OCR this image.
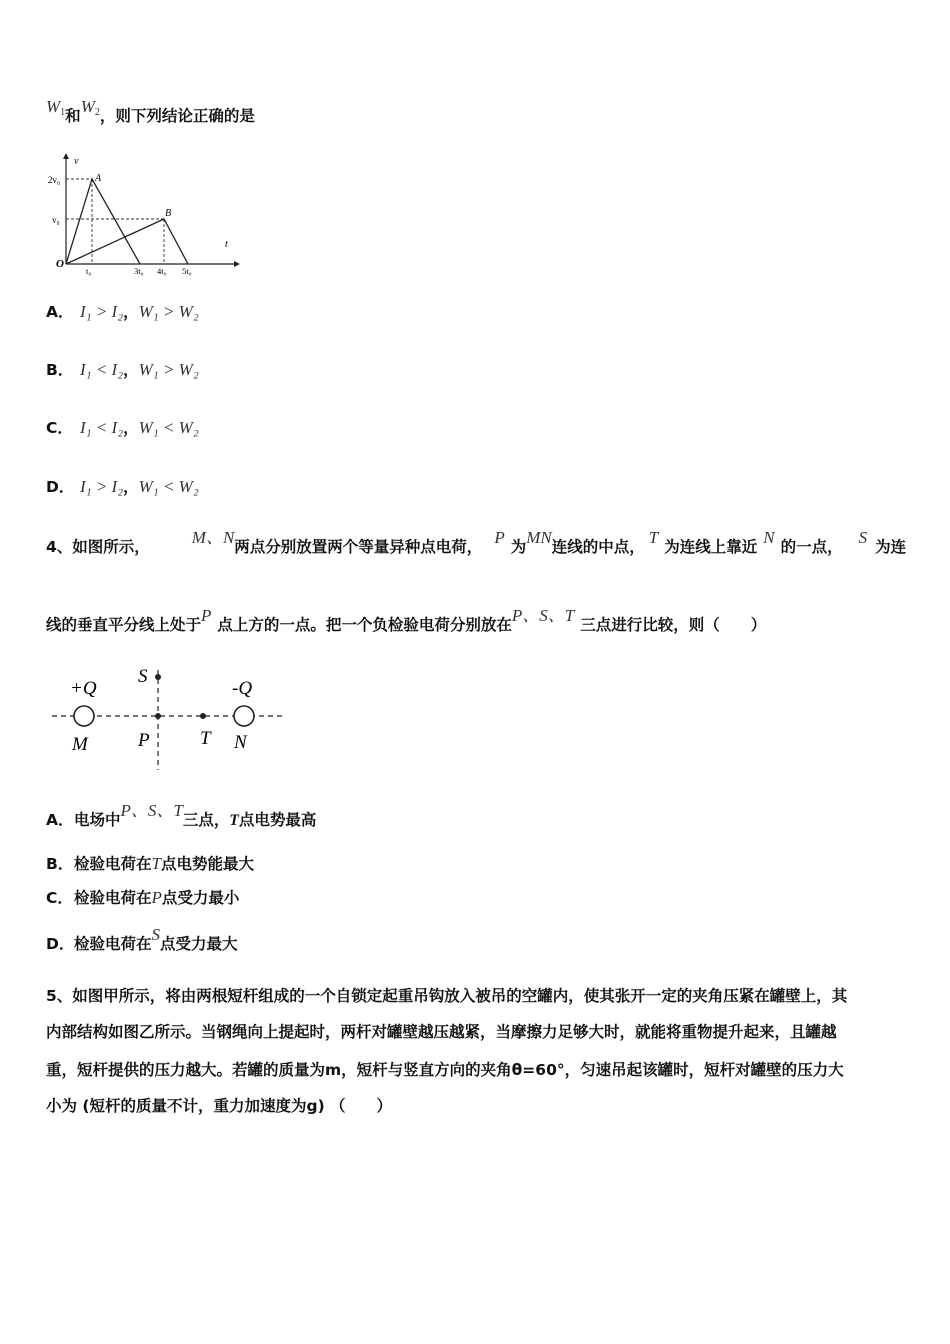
$W_1$和$W_2$，则下列结论正确的是
v
t
2v₀
v₀
O
A
B
t₀	3t₀ 4t₀ 5t₀
A． I₁ > I₂，W₁ > W₂
B． I₁ < I₂，W₁ > W₂
C． I₁ < I₂，W₁ < W₂
D． I₁ > I₂，W₁ < W₂
4、如图所示， M、N两点分别放置两个等量异种点电荷， P 为MN连线的中点， T 为连线上靠近 N 的一点， S 为连
线的垂直平分线上处于P 点上方的一点。把一个负检验电荷分别放在P、S、T 三点进行比较，则（　　）
+Q	-Q
S
M	P	T N
A．电场中P、S、T三点，T点电势最高
B．检验电荷在T点电势能最大
C．检验电荷在P点受力最小
D．检验电荷在S点受力最大
5、如图甲所示，将由两根短杆组成的一个自锁定起重吊钩放入被吊的空罐内，使其张开一定的夹角压紧在罐壁上，其
内部结构如图乙所示。当钢绳向上提起时，两杆对罐壁越压越紧，当摩擦力足够大时，就能将重物提升起来，且罐越
重，短杆提供的压力越大。若罐的质量为m，短杆与竖直方向的夹角θ=60°，匀速吊起该罐时，短杆对罐壁的压力大
小为 (短杆的质量不计，重力加速度为g) （　　）
